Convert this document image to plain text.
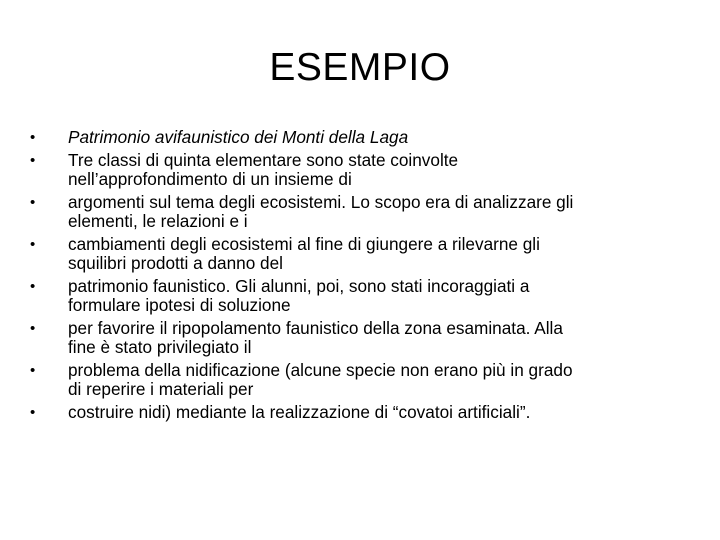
ESEMPIO
•	Patrimonio avifaunistico dei Monti della Laga
•	Tre classi di quinta elementare sono state coinvolte
nell’approfondimento di un insieme di
•	argomenti sul tema degli ecosistemi. Lo scopo era di analizzare gli
elementi, le relazioni e i
•	cambiamenti degli ecosistemi al fine di giungere a rilevarne gli
squilibri prodotti a danno del
•	patrimonio faunistico. Gli alunni, poi, sono stati incoraggiati a
formulare ipotesi di soluzione
•	per favorire il ripopolamento faunistico della zona esaminata. Alla
fine è stato privilegiato il
•	problema della nidificazione (alcune specie non erano più in grado
di reperire i materiali per
•	costruire nidi) mediante la realizzazione di “covatoi artificiali”.
